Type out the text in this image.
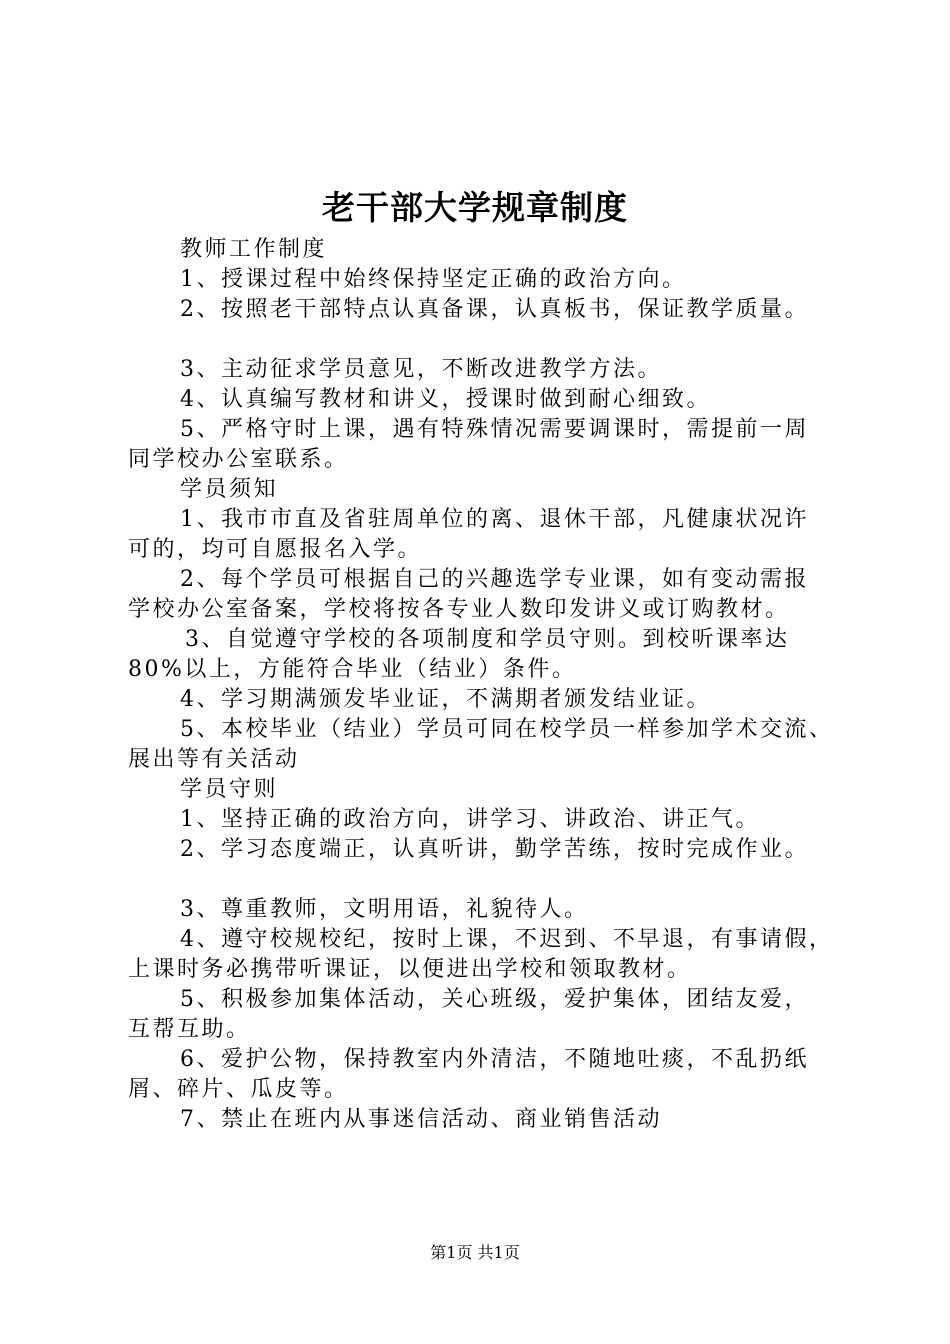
老干部大学规章制度
教师工作制度
1、授课过程中始终保持坚定正确的政治方向。
2、按照老干部特点认真备课，认真板书，保证教学质量。
3、主动征求学员意见，不断改进教学方法。
4、认真编写教材和讲义，授课时做到耐心细致。
5、严格守时上课，遇有特殊情况需要调课时，需提前一周
同学校办公室联系。
学员须知
1、我市市直及省驻周单位的离、退休干部，凡健康状况许
可的，均可自愿报名入学。
2、每个学员可根据自己的兴趣选学专业课，如有变动需报
学校办公室备案，学校将按各专业人数印发讲义或订购教材。
3、自觉遵守学校的各项制度和学员守则。到校听课率达
80%以上，方能符合毕业（结业）条件。
4、学习期满颁发毕业证，不满期者颁发结业证。
5、本校毕业（结业）学员可同在校学员一样参加学术交流、
展出等有关活动
学员守则
1、坚持正确的政治方向，讲学习、讲政治、讲正气。
2、学习态度端正，认真听讲，勤学苦练，按时完成作业。
3、尊重教师，文明用语，礼貌待人。
4、遵守校规校纪，按时上课，不迟到、不早退，有事请假，
上课时务必携带听课证，以便进出学校和领取教材。
5、积极参加集体活动，关心班级，爱护集体，团结友爱，
互帮互助。
6、爱护公物，保持教室内外清洁，不随地吐痰，不乱扔纸
屑、碎片、瓜皮等。
7、禁止在班内从事迷信活动、商业销售活动
第1页 共1页
